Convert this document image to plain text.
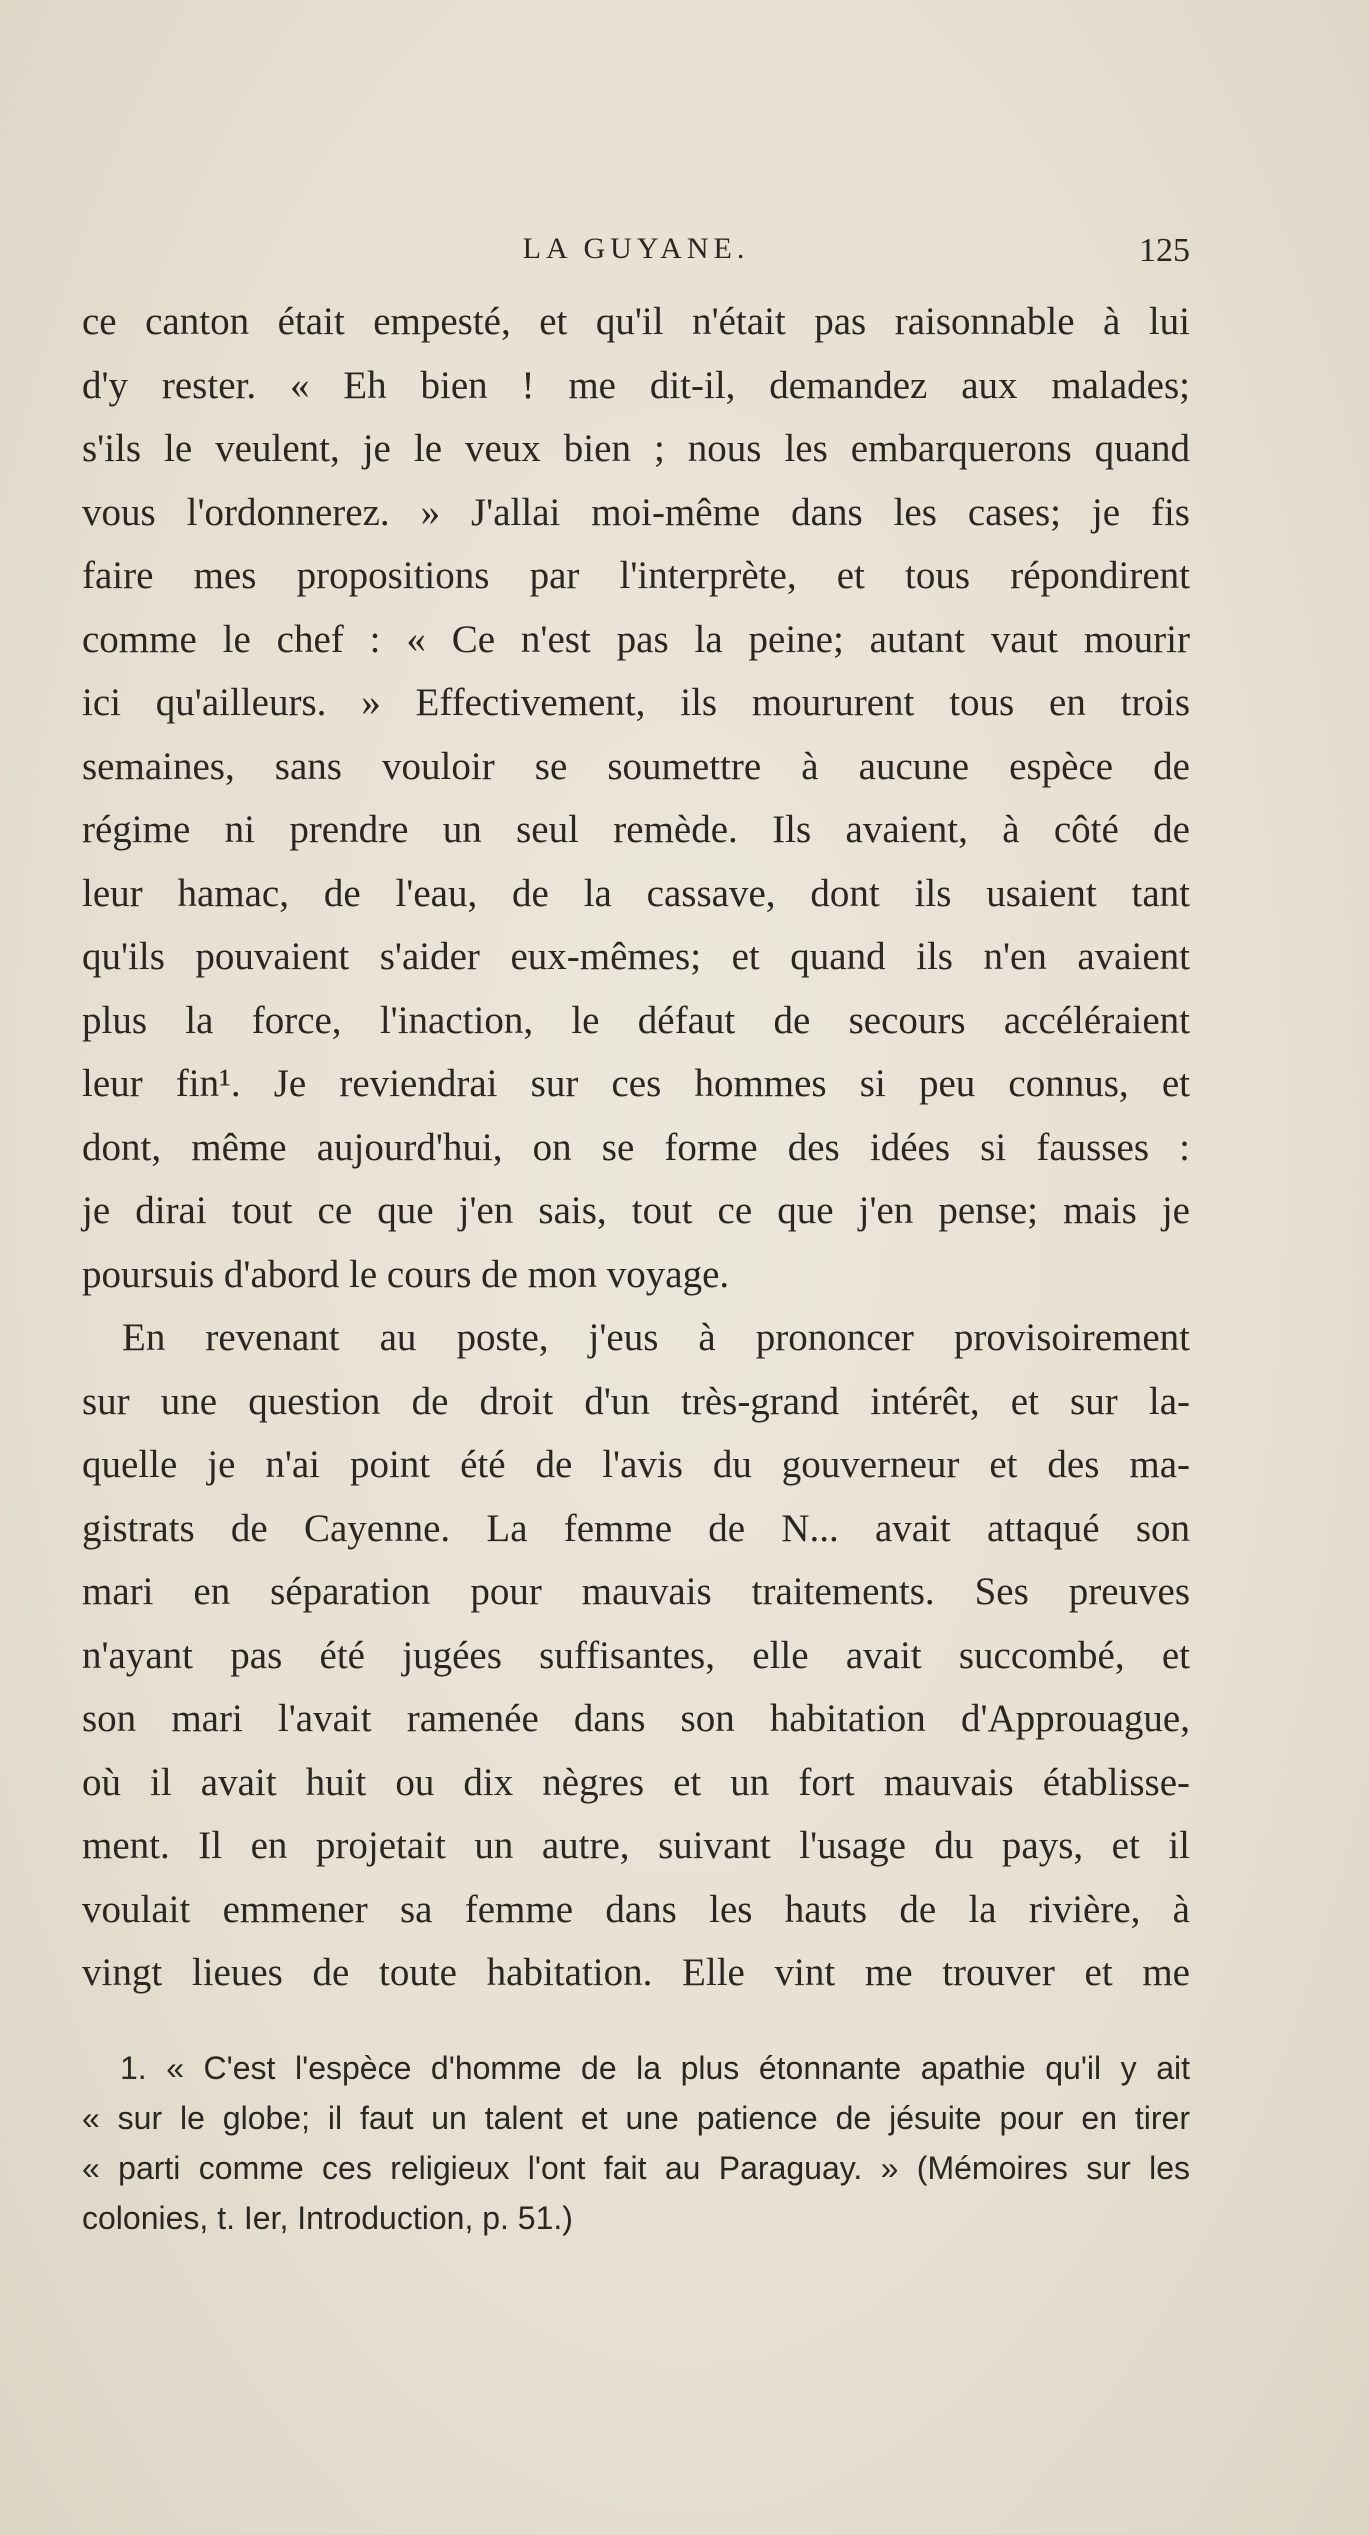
LA GUYANE.	125
ce canton était empesté, et qu'il n'était pas raisonnable à lui
d'y rester. « Eh bien ! me dit-il, demandez aux malades;
s'ils le veulent, je le veux bien ; nous les embarquerons quand
vous l'ordonnerez. » J'allai moi-même dans les cases; je fis
faire mes propositions par l'interprète, et tous répondirent
comme le chef : « Ce n'est pas la peine; autant vaut mourir
ici qu'ailleurs. » Effectivement, ils moururent tous en trois
semaines, sans vouloir se soumettre à aucune espèce de
régime ni prendre un seul remède. Ils avaient, à côté de
leur hamac, de l'eau, de la cassave, dont ils usaient tant
qu'ils pouvaient s'aider eux-mêmes; et quand ils n'en avaient
plus la force, l'inaction, le défaut de secours accéléraient
leur fin¹. Je reviendrai sur ces hommes si peu connus, et
dont, même aujourd'hui, on se forme des idées si fausses :
je dirai tout ce que j'en sais, tout ce que j'en pense; mais je
poursuis d'abord le cours de mon voyage.
En revenant au poste, j'eus à prononcer provisoirement
sur une question de droit d'un très-grand intérêt, et sur la-
quelle je n'ai point été de l'avis du gouverneur et des ma-
gistrats de Cayenne. La femme de N... avait attaqué son
mari en séparation pour mauvais traitements. Ses preuves
n'ayant pas été jugées suffisantes, elle avait succombé, et
son mari l'avait ramenée dans son habitation d'Approuague,
où il avait huit ou dix nègres et un fort mauvais établisse-
ment. Il en projetait un autre, suivant l'usage du pays, et il
voulait emmener sa femme dans les hauts de la rivière, à
vingt lieues de toute habitation. Elle vint me trouver et me
1. « C'est l'espèce d'homme de la plus étonnante apathie qu'il y ait
« sur le globe; il faut un talent et une patience de jésuite pour en tirer
« parti comme ces religieux l'ont fait au Paraguay. » (Mémoires sur les
colonies, t. Ier, Introduction, p. 51.)
